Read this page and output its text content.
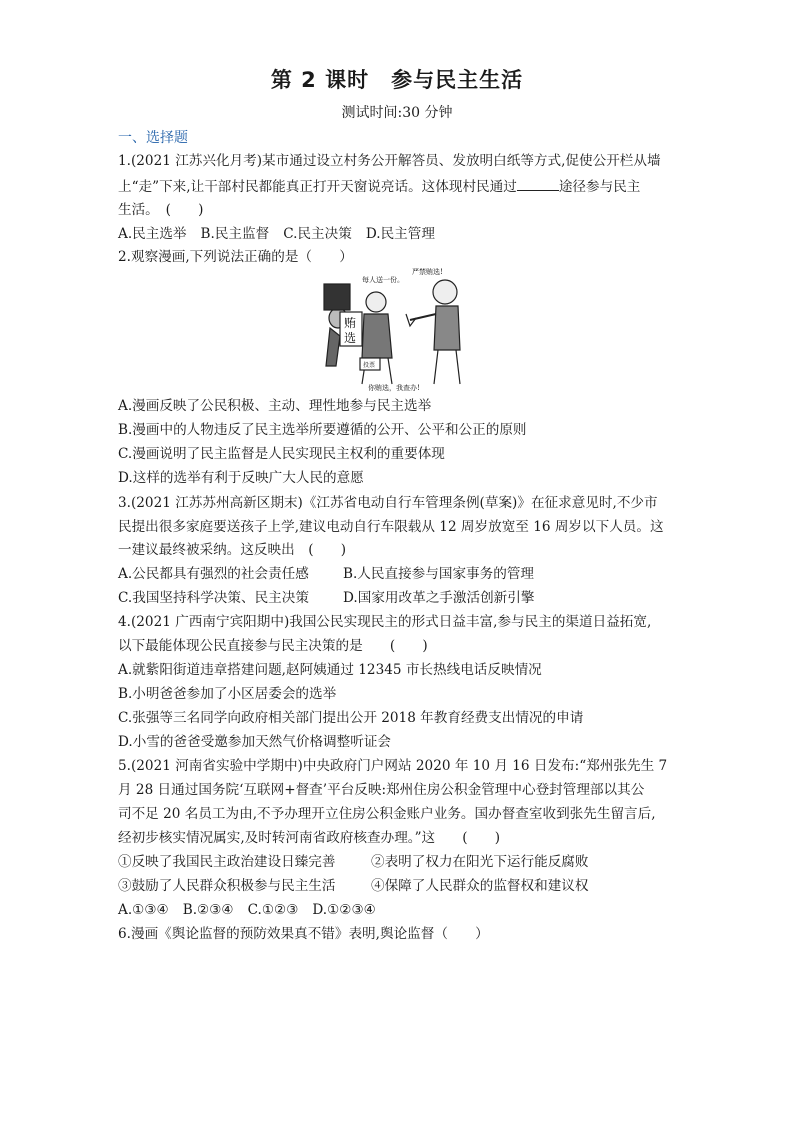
第 2 课时　参与民主生活
测试时间:30 分钟
一、选择题
1.(2021 江苏兴化月考)某市通过设立村务公开解答员、发放明白纸等方式,促使公开栏从墙
上“走”下来,让干部村民都能真正打开天窗说亮话。这体现村民通过	途径参与民主
生活。　(　　)
A.民主选举 B.民主监督 C.民主决策 D.民主管理
2.观察漫画,下列说法正确的是（　　）
每人送一份。
严禁贿选!
贿
选
投票
你贿选，我查办!
A.漫画反映了公民积极、主动、理性地参与民主选举
B.漫画中的人物违反了民主选举所要遵循的公开、公平和公正的原则
C.漫画说明了民主监督是人民实现民主权利的重要体现
D.这样的选举有利于反映广大人民的意愿
3.(2021 江苏苏州高新区期末)《江苏省电动自行车管理条例(草案)》在征求意见时,不少市
民提出很多家庭要送孩子上学,建议电动自行车限载从 12 周岁放宽至 16 周岁以下人员。这
一建议最终被采纳。这反映出　(　　)
A.公民都具有强烈的社会责任感	B.人民直接参与国家事务的管理
C.我国坚持科学决策、民主决策	D.国家用改革之手激活创新引擎
4.(2021 广西南宁宾阳期中)我国公民实现民主的形式日益丰富,参与民主的渠道日益拓宽,
以下最能体现公民直接参与民主决策的是　　(　　)
A.就紫阳街道违章搭建问题,赵阿姨通过 12345 市长热线电话反映情况
B.小明爸爸参加了小区居委会的选举
C.张强等三名同学向政府相关部门提出公开 2018 年教育经费支出情况的申请
D.小雪的爸爸受邀参加天然气价格调整听证会
5.(2021 河南省实验中学期中)中央政府门户网站 2020 年 10 月 16 日发布:“郑州张先生 7
月 28 日通过国务院‘互联网+督查’平台反映:郑州住房公积金管理中心登封管理部以其公
司不足 20 名员工为由,不予办理开立住房公积金账户业务。国办督查室收到张先生留言后,
经初步核实情况属实,及时转河南省政府核查办理。”这　　(　　)
①反映了我国民主政治建设日臻完善	②表明了权力在阳光下运行能反腐败
③鼓励了人民群众积极参与民主生活	④保障了人民群众的监督权和建议权
A.①③④ B.②③④ C.①②③ D.①②③④
6.漫画《舆论监督的预防效果真不错》表明,舆论监督（　　）
